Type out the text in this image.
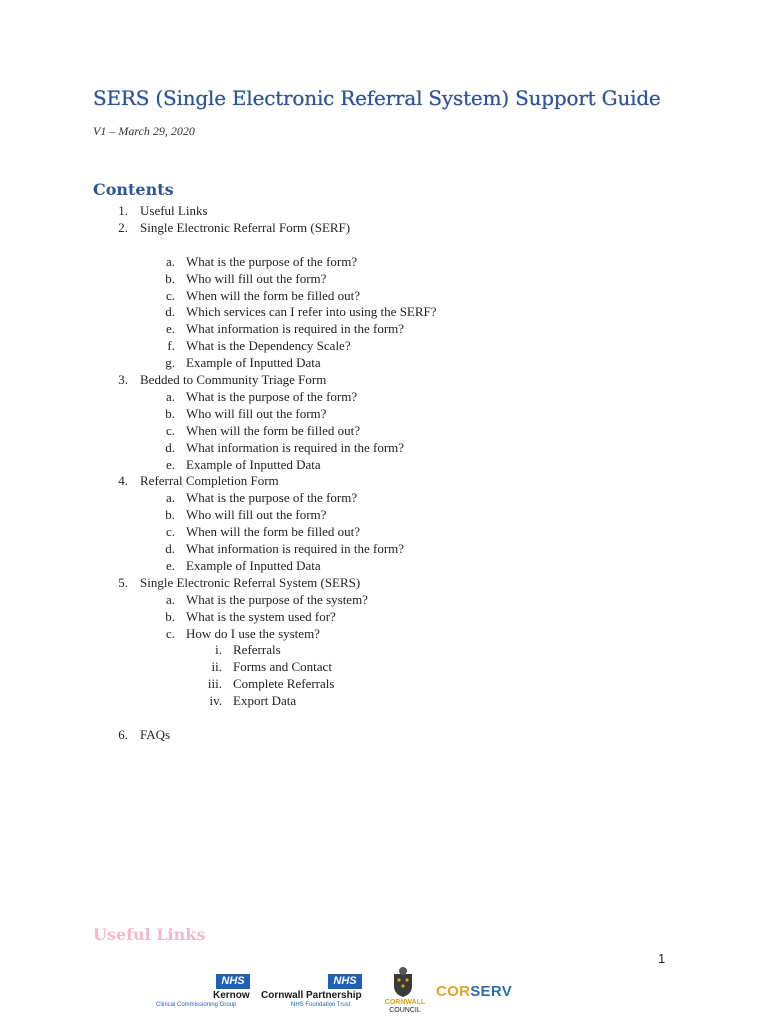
SERS (Single Electronic Referral System) Support Guide
V1 – March 29, 2020
Contents
1. Useful Links
2. Single Electronic Referral Form (SERF)
a. What is the purpose of the form?
b. Who will fill out the form?
c. When will the form be filled out?
d. Which services can I refer into using the SERF?
e. What information is required in the form?
f. What is the Dependency Scale?
g. Example of Inputted Data
3. Bedded to Community Triage Form
a. What is the purpose of the form?
b. Who will fill out the form?
c. When will the form be filled out?
d. What information is required in the form?
e. Example of Inputted Data
4. Referral Completion Form
a. What is the purpose of the form?
b. Who will fill out the form?
c. When will the form be filled out?
d. What information is required in the form?
e. Example of Inputted Data
5. Single Electronic Referral System (SERS)
a. What is the purpose of the system?
b. What is the system used for?
c. How do I use the system?
i. Referrals
ii. Forms and Contact
iii. Complete Referrals
iv. Export Data
6. FAQs
Useful Links
1
NHS
Kernow
Clinical Commissioning Group
NHS
Cornwall Partnership
NHS Foundation Trust	CORNWALL
COUNCIL
CORSERV
